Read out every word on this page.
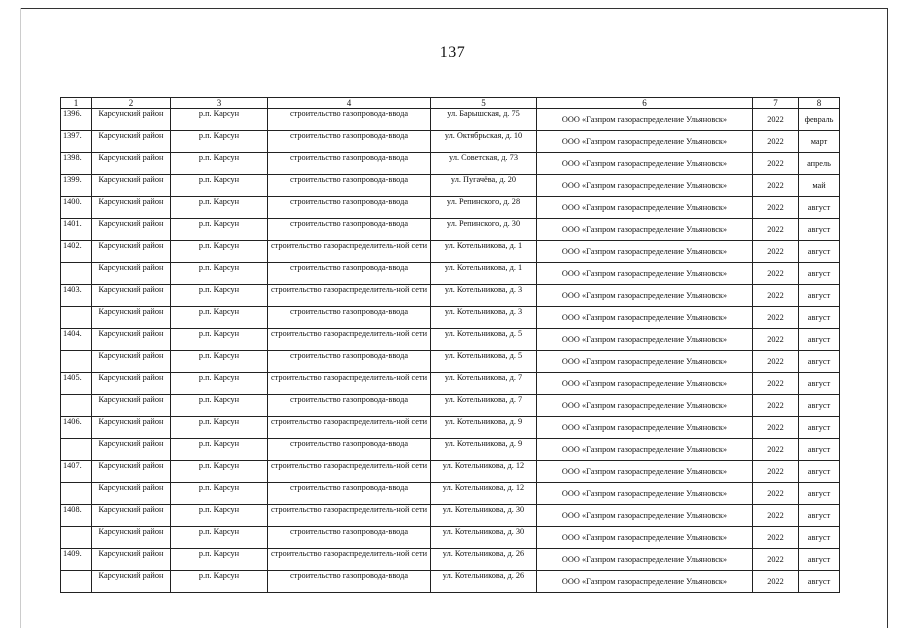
137
1	2	3	4	5	6	7	8
1396.	Карсунский район	р.п. Карсун	строительство газопровода-ввода	ул. Барышская, д. 75	ООО «Газпром газораспределение Ульяновск»	2022	февраль
1397.	Карсунский район	р.п. Карсун	строительство газопровода-ввода	ул. Октябрьская, д. 10	ООО «Газпром газораспределение Ульяновск»	2022	март
1398.	Карсунский район	р.п. Карсун	строительство газопровода-ввода	ул. Советская, д. 73	ООО «Газпром газораспределение Ульяновск»	2022	апрель
1399.	Карсунский район	р.п. Карсун	строительство газопровода-ввода	ул. Пугачёва, д. 20	ООО «Газпром газораспределение Ульяновск»	2022	май
1400.	Карсунский район	р.п. Карсун	строительство газопровода-ввода	ул. Репинского, д. 28	ООО «Газпром газораспределение Ульяновск»	2022	август
1401.	Карсунский район	р.п. Карсун	строительство газопровода-ввода	ул. Репинского, д. 30	ООО «Газпром газораспределение Ульяновск»	2022	август
1402.	Карсунский район	р.п. Карсун	строительство газораспределитель-ной сети	ул. Котельникова, д. 1	ООО «Газпром газораспределение Ульяновск»	2022	август
	Карсунский район	р.п. Карсун	строительство газопровода-ввода	ул. Котельникова, д. 1	ООО «Газпром газораспределение Ульяновск»	2022	август
1403.	Карсунский район	р.п. Карсун	строительство газораспределитель-ной сети	ул. Котельникова, д. 3	ООО «Газпром газораспределение Ульяновск»	2022	август
	Карсунский район	р.п. Карсун	строительство газопровода-ввода	ул. Котельникова, д. 3	ООО «Газпром газораспределение Ульяновск»	2022	август
1404.	Карсунский район	р.п. Карсун	строительство газораспределитель-ной сети	ул. Котельникова, д. 5	ООО «Газпром газораспределение Ульяновск»	2022	август
	Карсунский район	р.п. Карсун	строительство газопровода-ввода	ул. Котельникова, д. 5	ООО «Газпром газораспределение Ульяновск»	2022	август
1405.	Карсунский район	р.п. Карсун	строительство газораспределитель-ной сети	ул. Котельникова, д. 7	ООО «Газпром газораспределение Ульяновск»	2022	август
	Карсунский район	р.п. Карсун	строительство газопровода-ввода	ул. Котельникова, д. 7	ООО «Газпром газораспределение Ульяновск»	2022	август
1406.	Карсунский район	р.п. Карсун	строительство газораспределитель-ной сети	ул. Котельникова, д. 9	ООО «Газпром газораспределение Ульяновск»	2022	август
	Карсунский район	р.п. Карсун	строительство газопровода-ввода	ул. Котельникова, д. 9	ООО «Газпром газораспределение Ульяновск»	2022	август
1407.	Карсунский район	р.п. Карсун	строительство газораспределитель-ной сети	ул. Котельникова, д. 12	ООО «Газпром газораспределение Ульяновск»	2022	август
	Карсунский район	р.п. Карсун	строительство газопровода-ввода	ул. Котельникова, д. 12	ООО «Газпром газораспределение Ульяновск»	2022	август
1408.	Карсунский район	р.п. Карсун	строительство газораспределитель-ной сети	ул. Котельникова, д. 30	ООО «Газпром газораспределение Ульяновск»	2022	август
	Карсунский район	р.п. Карсун	строительство газопровода-ввода	ул. Котельникова, д. 30	ООО «Газпром газораспределение Ульяновск»	2022	август
1409.	Карсунский район	р.п. Карсун	строительство газораспределитель-ной сети	ул. Котельникова, д. 26	ООО «Газпром газораспределение Ульяновск»	2022	август
	Карсунский район	р.п. Карсун	строительство газопровода-ввода	ул. Котельникова, д. 26	ООО «Газпром газораспределение Ульяновск»	2022	август
